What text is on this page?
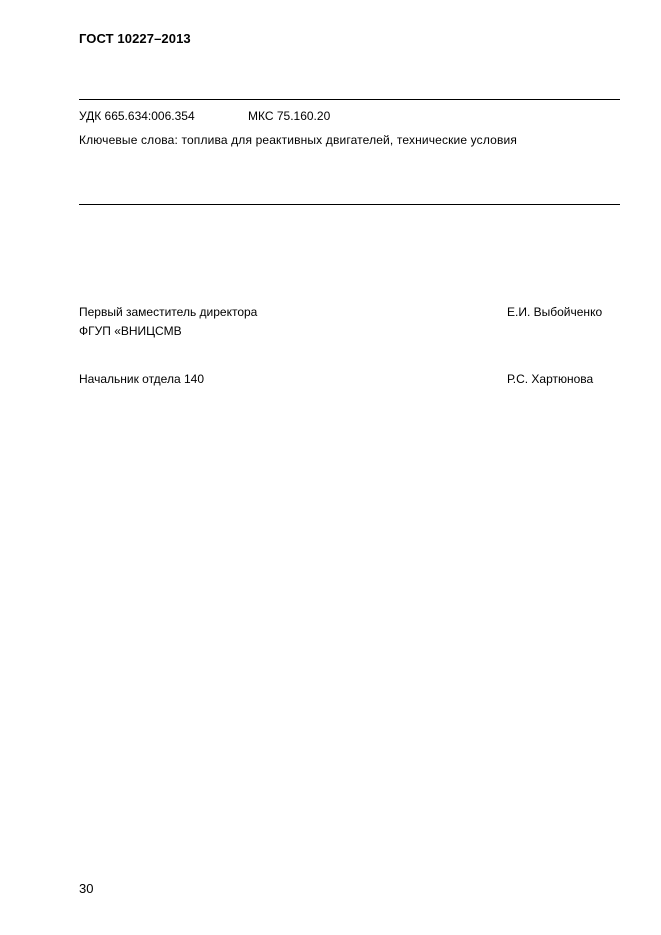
ГОСТ 10227–2013
УДК 665.634:006.354	МКС 75.160.20
Ключевые слова: топлива для реактивных двигателей, технические условия
Первый заместитель директора
ФГУП «ВНИЦСМВ
Е.И. Выбойченко
Начальник отдела 140	Р.С. Хартюнова
30
